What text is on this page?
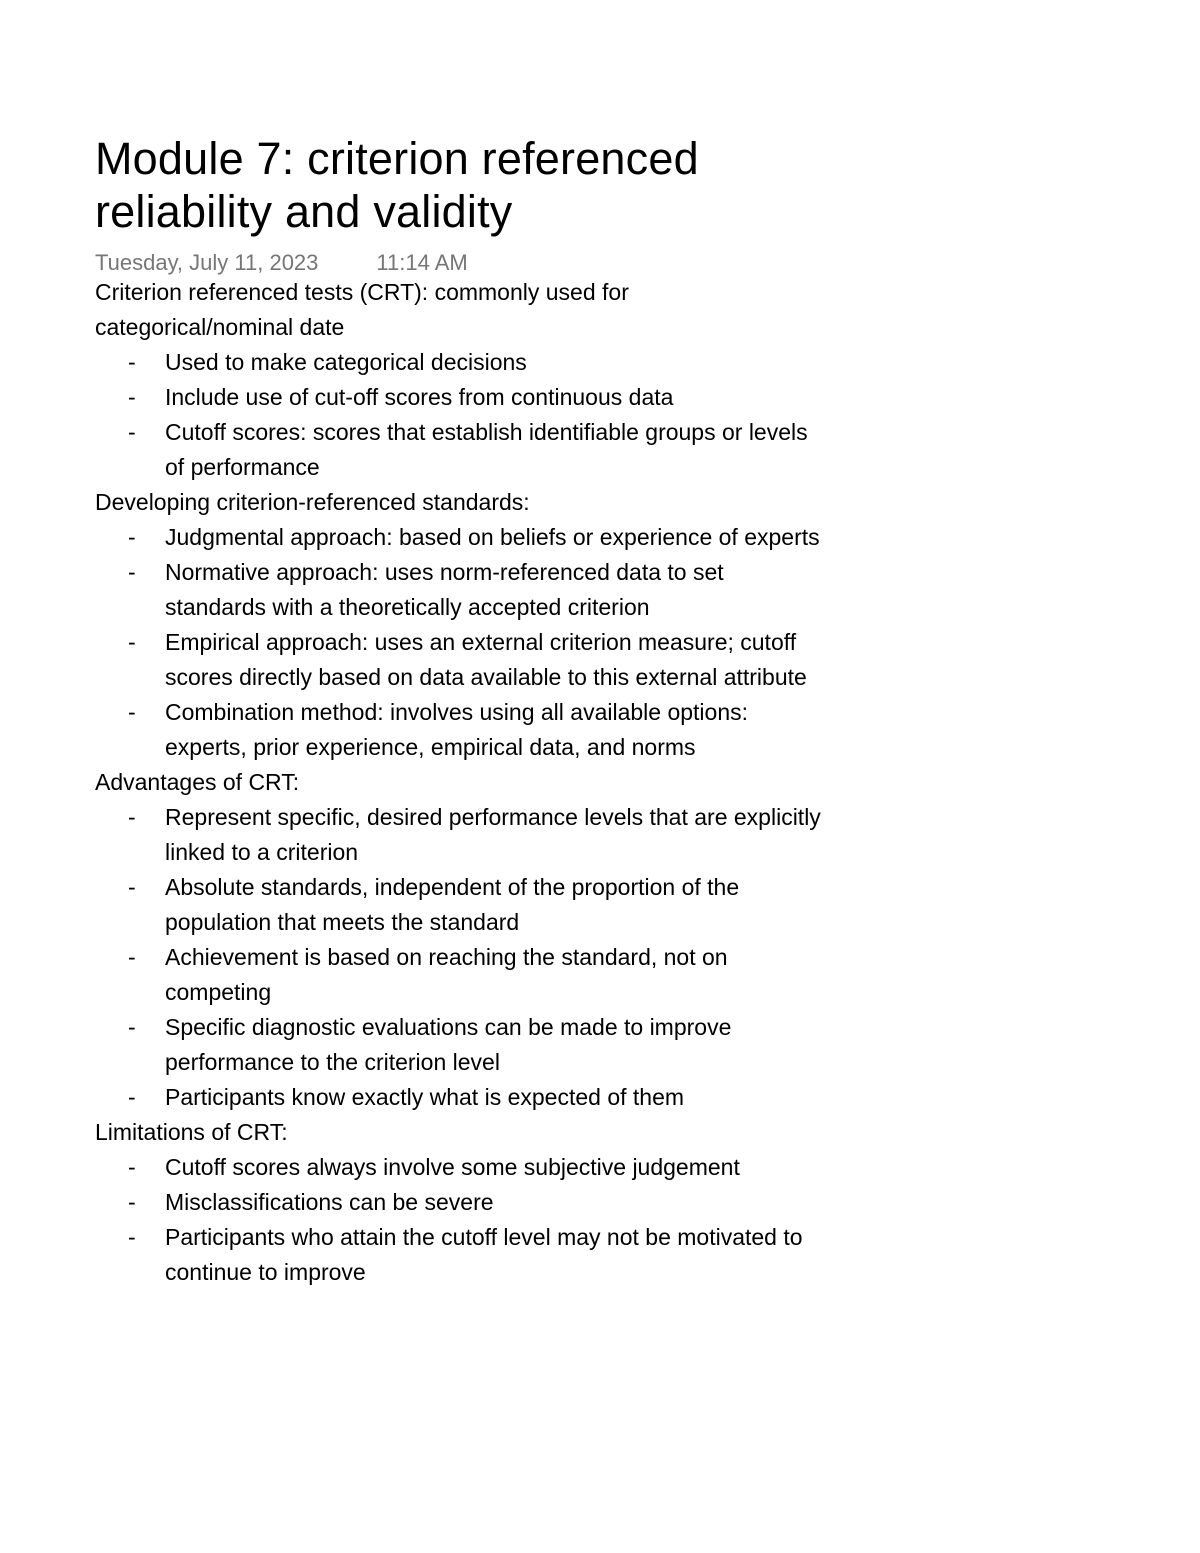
Module 7: criterion referenced reliability and validity
Tuesday, July 11, 2023	11:14 AM

Criterion referenced tests (CRT): commonly used for categorical/nominal date

- Used to make categorical decisions
- Include use of cut-off scores from continuous data
- Cutoff scores: scores that establish identifiable groups or levels of performance

Developing criterion-referenced standards:

- Judgmental approach: based on beliefs or experience of experts
- Normative approach: uses norm-referenced data to set standards with a theoretically accepted criterion
- Empirical approach: uses an external criterion measure; cutoff scores directly based on data available to this external attribute
- Combination method: involves using all available options: experts, prior experience, empirical data, and norms

Advantages of CRT:

- Represent specific, desired performance levels that are explicitly linked to a criterion
- Absolute standards, independent of the proportion of the population that meets the standard
- Achievement is based on reaching the standard, not on competing
- Specific diagnostic evaluations can be made to improve performance to the criterion level
- Participants know exactly what is expected of them

Limitations of CRT:

- Cutoff scores always involve some subjective judgement
- Misclassifications can be severe
- Participants who attain the cutoff level may not be motivated to continue to improve
